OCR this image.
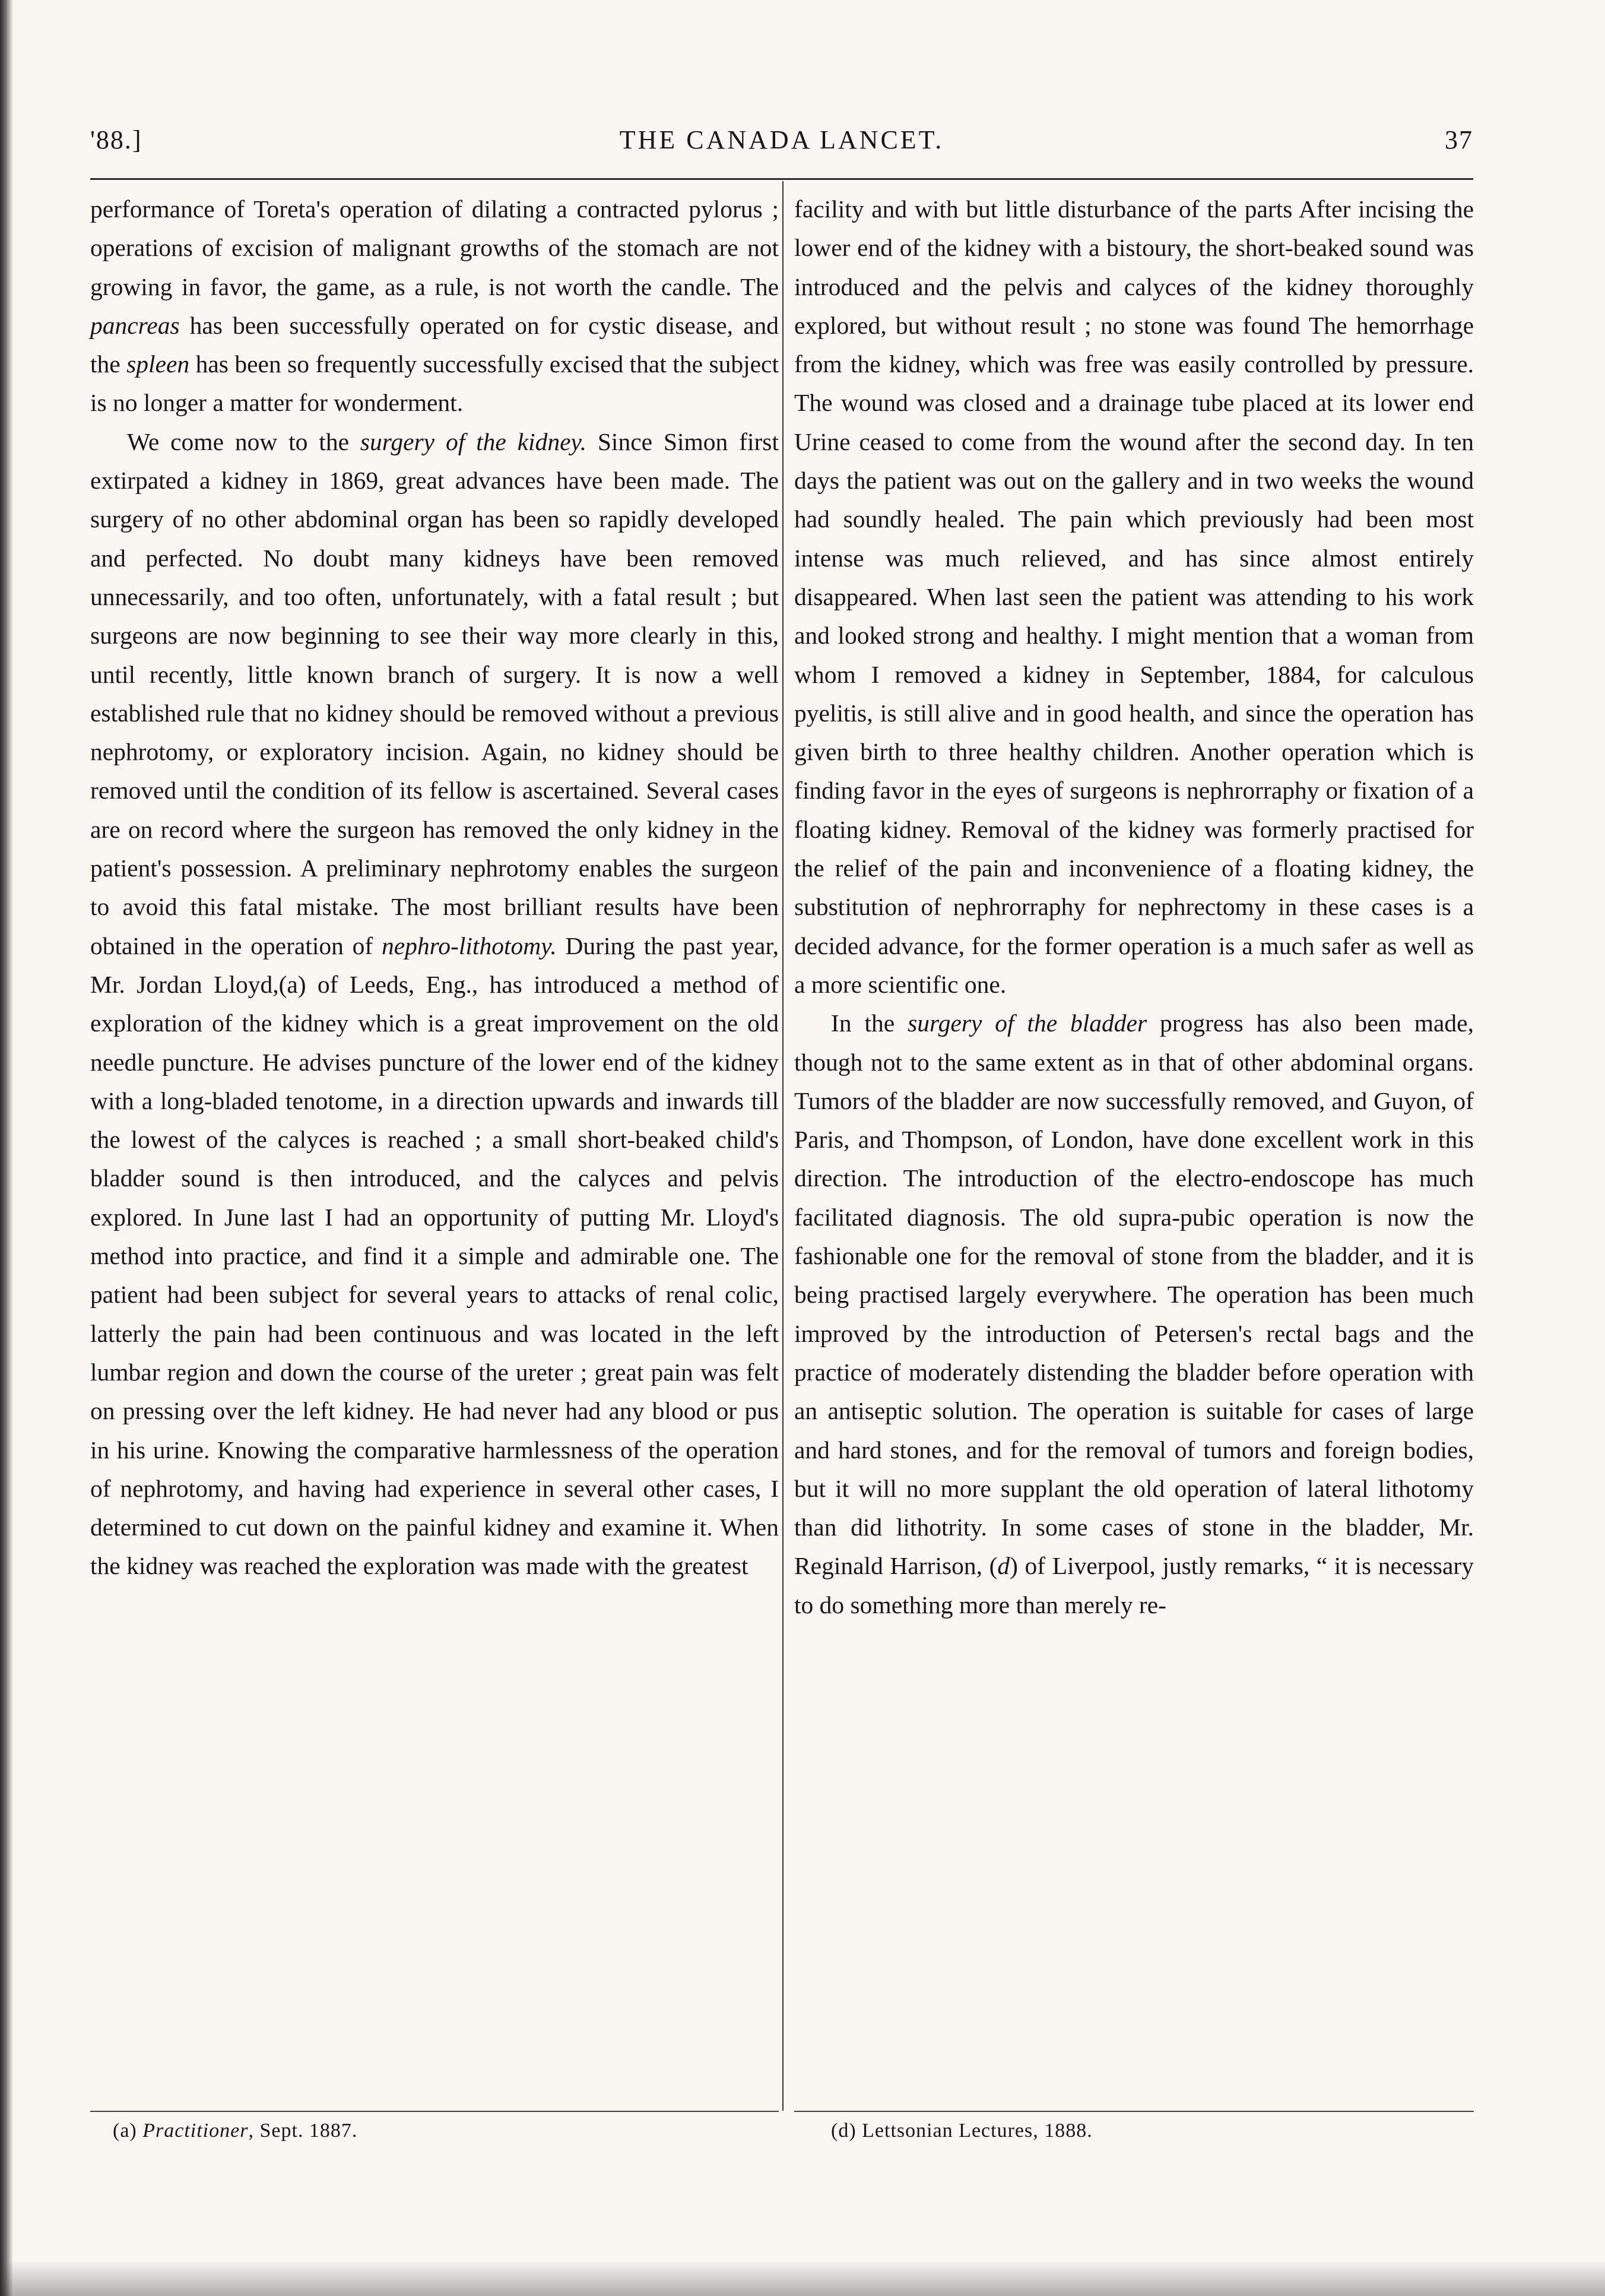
'88.]	THE CANADA LANCET.	37

performance of Toreta's operation of dilating a contracted pylorus ; operations of excision of malignant growths of the stomach are not growing in favor, the game, as a rule, is not worth the candle. The pancreas has been successfully operated on for cystic disease, and the spleen has been so frequently successfully excised that the subject is no longer a matter for wonderment.

We come now to the surgery of the kidney. Since Simon first extirpated a kidney in 1869, great advances have been made. The surgery of no other abdominal organ has been so rapidly developed and perfected. No doubt many kidneys have been removed unnecessarily, and too often, unfortunately, with a fatal result ; but surgeons are now beginning to see their way more clearly in this, until recently, little known branch of surgery. It is now a well established rule that no kidney should be removed without a previous nephrotomy, or exploratory incision. Again, no kidney should be removed until the condition of its fellow is ascertained. Several cases are on record where the surgeon has removed the only kidney in the patient's possession. A preliminary nephrotomy enables the surgeon to avoid this fatal mistake. The most brilliant results have been obtained in the operation of nephro-lithotomy. During the past year, Mr. Jordan Lloyd,(a) of Leeds, Eng., has introduced a method of exploration of the kidney which is a great improvement on the old needle puncture. He advises puncture of the lower end of the kidney with a long-bladed tenotome, in a direction upwards and inwards till the lowest of the calyces is reached ; a small short-beaked child's bladder sound is then introduced, and the calyces and pelvis explored. In June last I had an opportunity of putting Mr. Lloyd's method into practice, and find it a simple and admirable one. The patient had been subject for several years to attacks of renal colic, latterly the pain had been continuous and was located in the left lumbar region and down the course of the ureter ; great pain was felt on pressing over the left kidney. He had never had any blood or pus in his urine. Knowing the comparative harmlessness of the operation of nephrotomy, and having had experience in several other cases, I determined to cut down on the painful kidney and examine it. When the kidney was reached the exploration was made with the greatest

facility and with but little disturbance of the parts After incising the lower end of the kidney with a bistoury, the short-beaked sound was introduced and the pelvis and calyces of the kidney thoroughly explored, but without result ; no stone was found The hemorrhage from the kidney, which was free was easily controlled by pressure. The wound was closed and a drainage tube placed at its lower end Urine ceased to come from the wound after the second day. In ten days the patient was out on the gallery and in two weeks the wound had soundly healed. The pain which previously had been most intense was much relieved, and has since almost entirely disappeared. When last seen the patient was attending to his work and looked strong and healthy. I might mention that a woman from whom I removed a kidney in September, 1884, for calculous pyelitis, is still alive and in good health, and since the operation has given birth to three healthy children. Another operation which is finding favor in the eyes of surgeons is nephrorraphy or fixation of a floating kidney. Removal of the kidney was formerly practised for the relief of the pain and inconvenience of a floating kidney, the substitution of nephrorraphy for nephrectomy in these cases is a decided advance, for the former operation is a much safer as well as a more scientific one.

In the surgery of the bladder progress has also been made, though not to the same extent as in that of other abdominal organs. Tumors of the bladder are now successfully removed, and Guyon, of Paris, and Thompson, of London, have done excellent work in this direction. The introduction of the electro-endoscope has much facilitated diagnosis. The old supra-pubic operation is now the fashionable one for the removal of stone from the bladder, and it is being practised largely everywhere. The operation has been much improved by the introduction of Petersen's rectal bags and the practice of moderately distending the bladder before operation with an antiseptic solution. The operation is suitable for cases of large and hard stones, and for the removal of tumors and foreign bodies, but it will no more supplant the old operation of lateral lithotomy than did lithotrity. In some cases of stone in the bladder, Mr. Reginald Harrison, (d) of Liverpool, justly remarks, “ it is necessary to do something more than merely re-

(a) Practitioner, Sept. 1887.	(d) Lettsonian Lectures, 1888.
